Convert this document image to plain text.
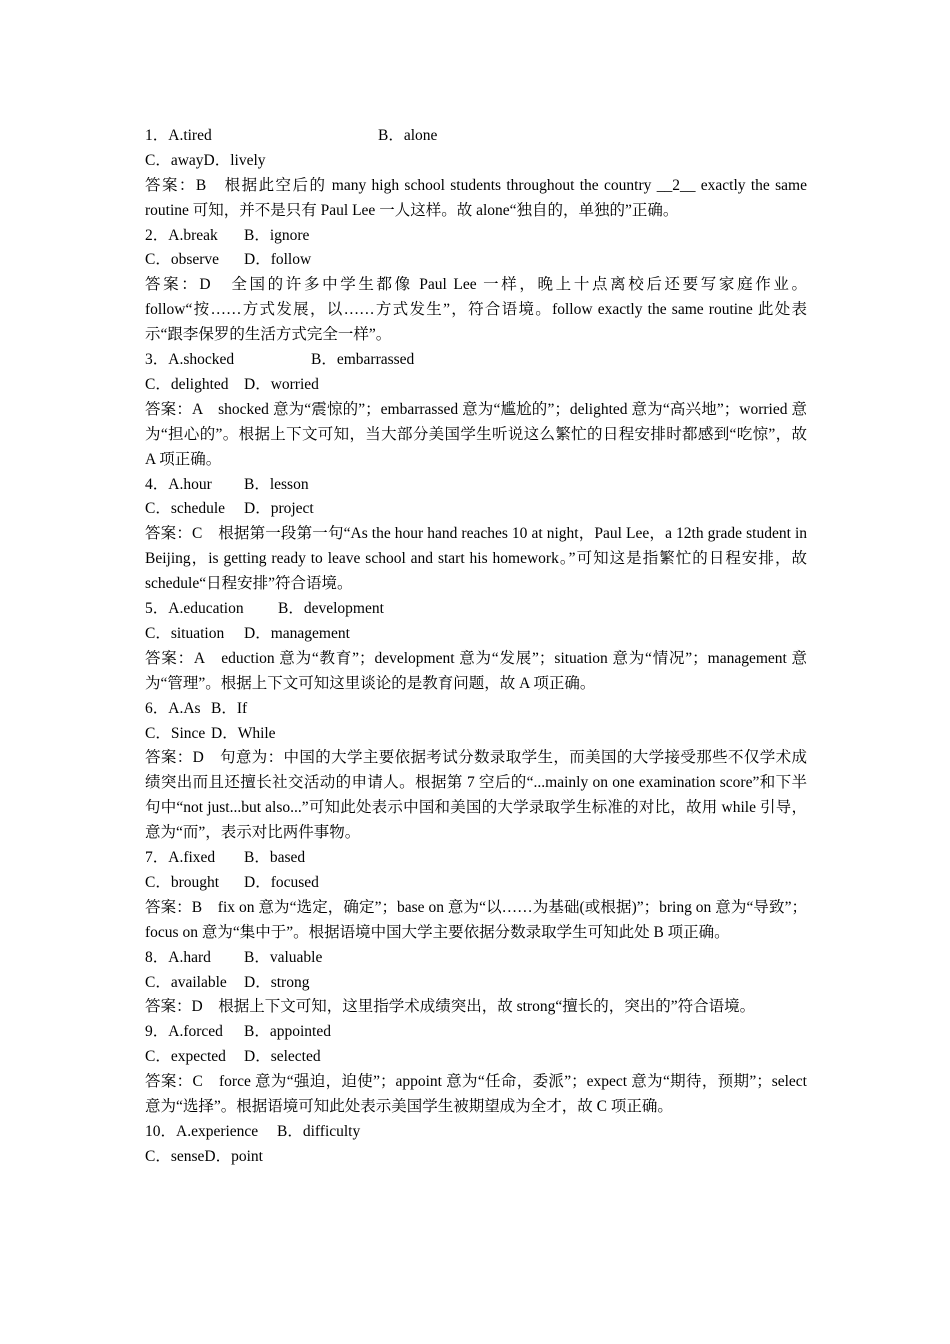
1．A.tired	B．alone
C．awayD．lively
答案：B　根据此空后的 many high school students throughout the country __2__ exactly the same routine 可知，并不是只有 Paul Lee 一人这样。故 alone“独自的，单独的”正确。
2．A.break B．ignore
C．observe D．follow
答案：D　全国的许多中学生都像 Paul Lee 一样，晚上十点离校后还要写家庭作业。follow“按……方式发展，以……方式发生”，符合语境。follow exactly the same routine 此处表示“跟李保罗的生活方式完全一样”。
3．A.shocked	B．embarrassed
C．delighted D．worried
答案：A　shocked 意为“震惊的”；embarrassed 意为“尴尬的”；delighted 意为“高兴地”；worried 意为“担心的”。根据上下文可知，当大部分美国学生听说这么繁忙的日程安排时都感到“吃惊”，故 A 项正确。
4．A.hour B．lesson
C．schedule D．project
答案：C　根据第一段第一句“As the hour hand reaches 10 at night，Paul Lee，a 12th grade student in Beijing，is getting ready to leave school and start his homework。”可知这是指繁忙的日程安排，故 schedule“日程安排”符合语境。
5．A.education B．development
C．situation D．management
答案：A　eduction 意为“教育”；development 意为“发展”；situation 意为“情况”；management 意为“管理”。根据上下文可知这里谈论的是教育问题，故 A 项正确。
6．A.As B．If
C．Since D．While
答案：D　句意为：中国的大学主要依据考试分数录取学生，而美国的大学接受那些不仅学术成绩突出而且还擅长社交活动的申请人。根据第 7 空后的“...mainly on one examination score”和下半句中“not just...but also...”可知此处表示中国和美国的大学录取学生标准的对比，故用 while 引导，意为“而”，表示对比两件事物。
7．A.fixed B．based
C．brought D．focused
答案：B　fix on 意为“选定，确定”；base on 意为“以……为基础(或根据)”；bring on 意为“导致”；focus on 意为“集中于”。根据语境中国大学主要依据分数录取学生可知此处 B 项正确。
8．A.hard B．valuable
C．available D．strong
答案：D　根据上下文可知，这里指学术成绩突出，故 strong“擅长的，突出的”符合语境。
9．A.forced B．appointed
C．expected D．selected
答案：C　force 意为“强迫，迫使”；appoint 意为“任命，委派”；expect 意为“期待，预期”；select 意为“选择”。根据语境可知此处表示美国学生被期望成为全才，故 C 项正确。
10．A.experience B．difficulty
C．senseD．point
